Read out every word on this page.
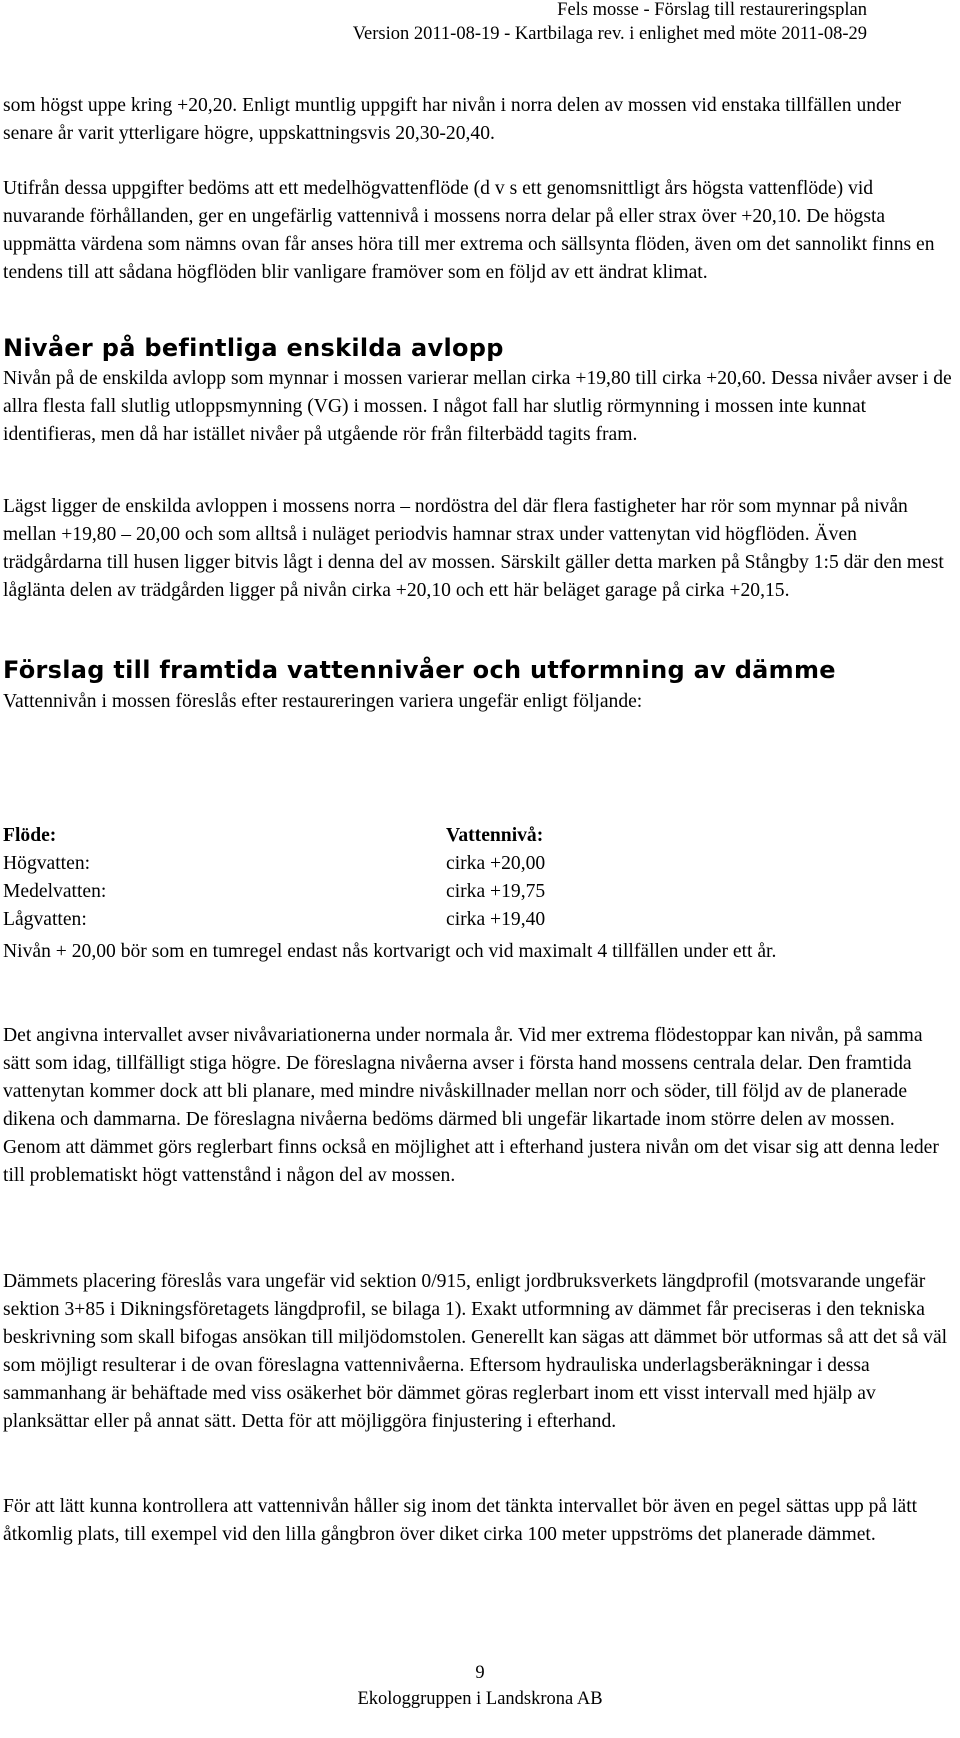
Fels mosse - Förslag till restaureringsplan
Version 2011-08-19 - Kartbilaga rev. i enlighet med möte 2011-08-29

som högst uppe kring +20,20. Enligt muntlig uppgift har nivån i norra delen av mossen vid enstaka tillfällen under senare år varit ytterligare högre, uppskattningsvis 20,30-20,40.

Utifrån dessa uppgifter bedöms att ett medelhögvattenflöde (d v s ett genomsnittligt års högsta vattenflöde) vid nuvarande förhållanden, ger en ungefärlig vattennivå i mossens norra delar på eller strax över +20,10. De högsta uppmätta värdena som nämns ovan får anses höra till mer extrema och sällsynta flöden, även om det sannolikt finns en tendens till att sådana högflöden blir vanligare framöver som en följd av ett ändrat klimat.

Nivåer på befintliga enskilda avlopp

Nivån på de enskilda avlopp som mynnar i mossen varierar mellan cirka +19,80 till cirka +20,60. Dessa nivåer avser i de allra flesta fall slutlig utloppsmynning (VG) i mossen. I något fall har slutlig rörmynning i mossen inte kunnat identifieras, men då har istället nivåer på utgående rör från filterbädd tagits fram.

Lägst ligger de enskilda avloppen i mossens norra – nordöstra del där flera fastigheter har rör som mynnar på nivån mellan +19,80 – 20,00 och som alltså i nuläget periodvis hamnar strax under vattenytan vid högflöden. Även trädgårdarna till husen ligger bitvis lågt i denna del av mossen. Särskilt gäller detta marken på Stångby 1:5 där den mest låglänta delen av trädgården ligger på nivån cirka +20,10 och ett här beläget garage på cirka +20,15.

Förslag till framtida vattennivåer och utformning av dämme

Vattennivån i mossen föreslås efter restaureringen variera ungefär enligt följande:

Flöde:	Vattennivå:
Högvatten:	cirka +20,00
Medelvatten:	cirka +19,75
Lågvatten:	cirka +19,40

Nivån + 20,00 bör som en tumregel endast nås kortvarigt och vid maximalt 4 tillfällen under ett år.

Det angivna intervallet avser nivåvariationerna under normala år. Vid mer extrema flödestoppar kan nivån, på samma sätt som idag, tillfälligt stiga högre. De föreslagna nivåerna avser i första hand mossens centrala delar. Den framtida vattenytan kommer dock att bli planare, med mindre nivåskillnader mellan norr och söder, till följd av de planerade dikena och dammarna. De föreslagna nivåerna bedöms därmed bli ungefär likartade inom större delen av mossen. Genom att dämmet görs reglerbart finns också en möjlighet att i efterhand justera nivån om det visar sig att denna leder till problematiskt högt vattenstånd i någon del av mossen.

Dämmets placering föreslås vara ungefär vid sektion 0/915, enligt jordbruksverkets längdprofil (motsvarande ungefär sektion 3+85 i Dikningsföretagets längdprofil, se bilaga 1). Exakt utformning av dämmet får preciseras i den tekniska beskrivning som skall bifogas ansökan till miljödomstolen. Generellt kan sägas att dämmet bör utformas så att det så väl som möjligt resulterar i de ovan föreslagna vattennivåerna. Eftersom hydrauliska underlagsberäkningar i dessa sammanhang är behäftade med viss osäkerhet bör dämmet göras reglerbart inom ett visst intervall med hjälp av planksättar eller på annat sätt. Detta för att möjliggöra finjustering i efterhand.

För att lätt kunna kontrollera att vattennivån håller sig inom det tänkta intervallet bör även en pegel sättas upp på lätt åtkomlig plats, till exempel vid den lilla gångbron över diket cirka 100 meter uppströms det planerade dämmet.

9
Ekologgruppen i Landskrona AB
